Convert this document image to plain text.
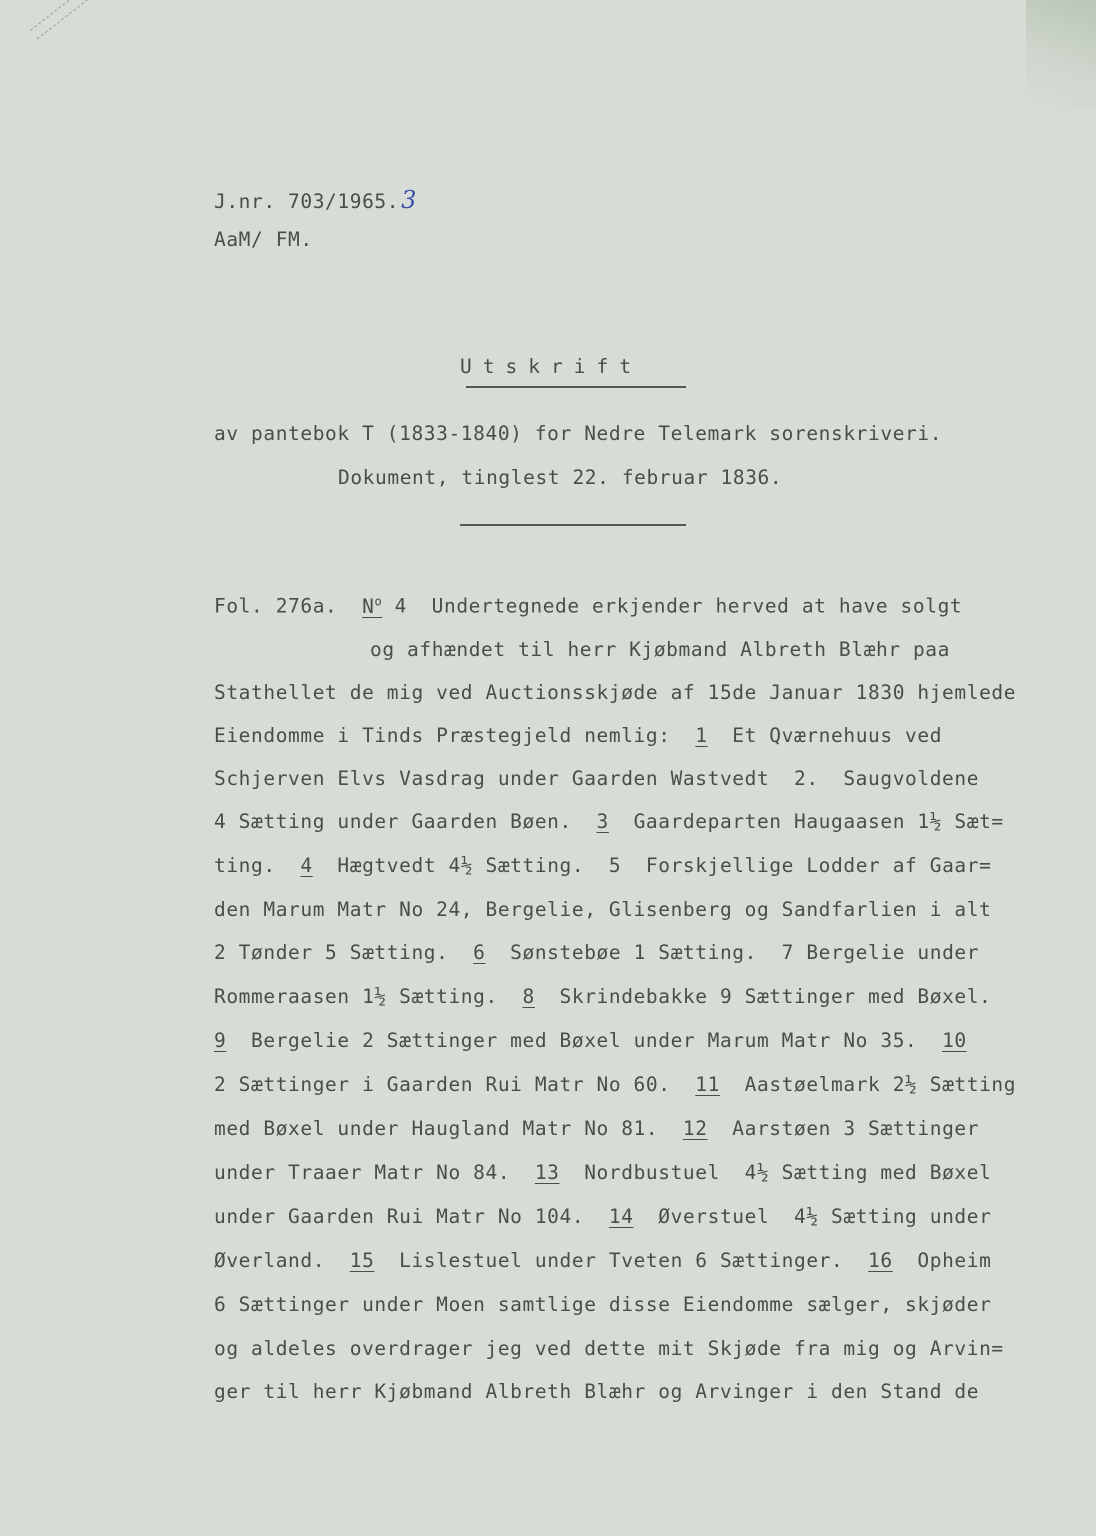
J.nr. 703/1965.3
AaM/ FM.
Utskrift
av pantebok T (1833-1840) for Nedre Telemark sorenskriveri.
Dokument, tinglest 22. februar 1836.
Fol. 276a. $N^o$ 4  Undertegnede erkjender herved at have solgt
og afhændet til herr Kjøbmand Albreth Blæhr paa
Stathellet de mig ved Auctionsskjøde af 15de Januar 1830 hjemlede
Eiendomme i Tinds Præstegjeld nemlig:  1  Et Qværnehuus ved
Schjerven Elvs Vasdrag under Gaarden Wastvedt  2.  Saugvoldene
4 Sætting under Gaarden Bøen.  3  Gaardeparten Haugaasen 1½ Sæt=
ting.  4  Hægtvedt 4½ Sætting.  5  Forskjellige Lodder af Gaar=
den Marum Matr No 24, Bergelie, Glisenberg og Sandfarlien i alt
2 Tønder 5 Sætting.  6  Sønstebøe 1 Sætting.  7 Bergelie under
Rommeraasen 1½ Sætting.  8  Skrindebakke 9 Sættinger med Bøxel.
9  Bergelie 2 Sættinger med Bøxel under Marum Matr No 35.  10
2 Sættinger i Gaarden Rui Matr No 60.  11  Aastøelmark 2½ Sætting
med Bøxel under Haugland Matr No 81.  12  Aarstøen 3 Sættinger
under Traaer Matr No 84.  13  Nordbustuel  4½ Sætting med Bøxel
under Gaarden Rui Matr No 104.  14  Øverstuel  4½ Sætting under
Øverland.  15  Lislestuel under Tveten 6 Sættinger.  16  Opheim
6 Sættinger under Moen samtlige disse Eiendomme sælger, skjøder
og aldeles overdrager jeg ved dette mit Skjøde fra mig og Arvin=
ger til herr Kjøbmand Albreth Blæhr og Arvinger i den Stand de
